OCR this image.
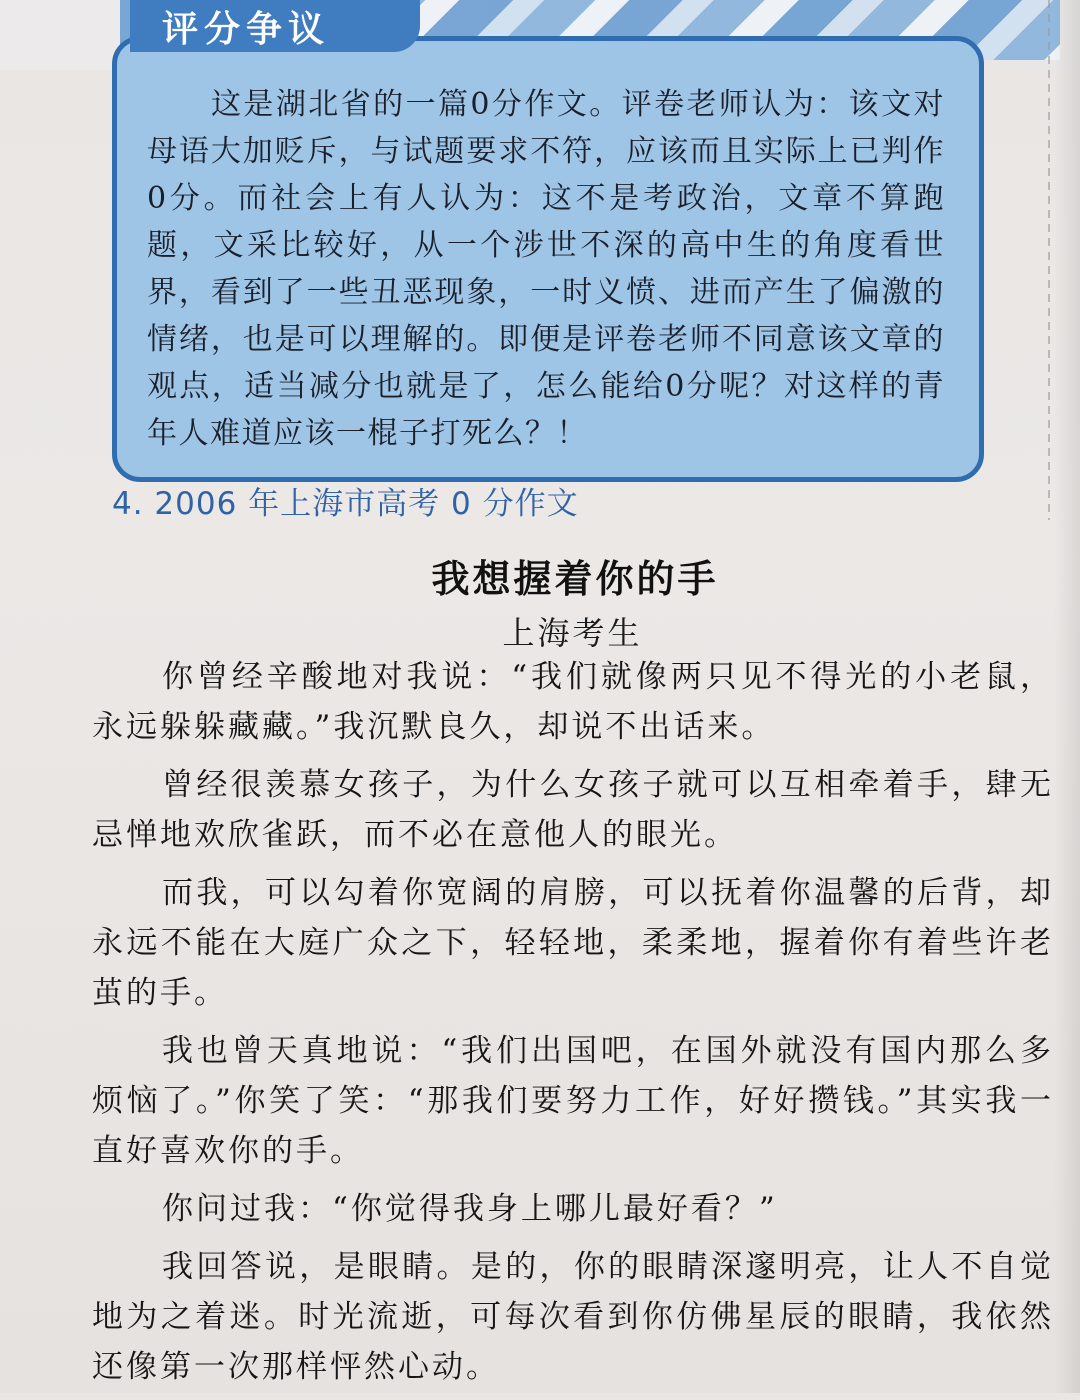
这是湖北省的一篇0分作文。评卷老师认为：该文对母语大加贬斥，与试题要求不符，应该而且实际上已判作0分。而社会上有人认为：这不是考政治，文章不算跑题，文采比较好，从一个涉世不深的高中生的角度看世界，看到了一些丑恶现象，一时义愤、进而产生了偏激的情绪，也是可以理解的。即便是评卷老师不同意该文章的观点，适当减分也就是了，怎么能给0分呢？对这样的青年人难道应该一棍子打死么？！

评分争议
4. 2006 年上海市高考 0 分作文
我想握着你的手
上海考生

你曾经辛酸地对我说：“我们就像两只见不得光的小老鼠，永远躲躲藏藏。”我沉默良久，却说不出话来。

曾经很羡慕女孩子，为什么女孩子就可以互相牵着手，肆无忌惮地欢欣雀跃，而不必在意他人的眼光。

而我，可以勾着你宽阔的肩膀，可以抚着你温馨的后背，却永远不能在大庭广众之下，轻轻地，柔柔地，握着你有着些许老茧的手。

我也曾天真地说：“我们出国吧，在国外就没有国内那么多烦恼了。”你笑了笑：“那我们要努力工作，好好攒钱。”其实我一直好喜欢你的手。

你问过我：“你觉得我身上哪儿最好看？”

我回答说，是眼睛。是的，你的眼睛深邃明亮，让人不自觉地为之着迷。时光流逝，可每次看到你仿佛星辰的眼睛，我依然还像第一次那样怦然心动。
